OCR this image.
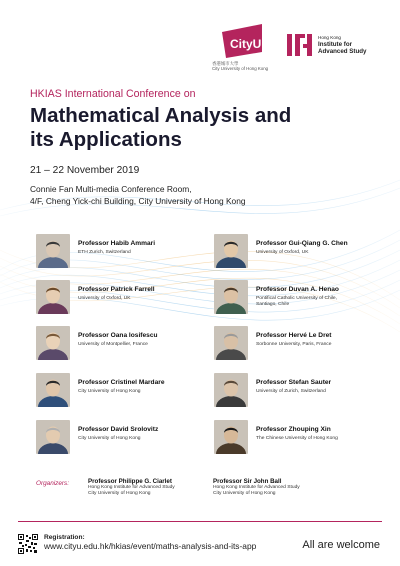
CityU
香港城市大學
City University of Hong Kong
Hong Kong
Institute for
Advanced Study
HKIAS International Conference on
Mathematical Analysis and
its Applications
21 – 22 November 2019
Connie Fan Multi-media Conference Room,
4/F, Cheng Yick-chi Building, City University of Hong Kong
Professor Habib Ammari
ETH Zurich, Switzerland
Professor Gui-Qiang G. Chen
University of Oxford, UK
Professor Patrick Farrell
University of Oxford, UK
Professor Duvan A. Henao
Pontifical Catholic University of Chile,
Santiago, Chile
Professor Oana Iosifescu
University of Montpellier, France
Professor Hervé Le Dret
Sorbonne University, Paris, France
Professor Cristinel Mardare
City University of Hong Kong
Professor Stefan Sauter
University of Zurich, Switzerland
Professor David Srolovitz
City University of Hong Kong
Professor Zhouping Xin
The Chinese University of Hong Kong
Organizers:	Professor Philippe G. Ciarlet
Hong Kong Institute for Advanced Study
City University of Hong Kong
Professor Sir John Ball
Hong Kong Institute for Advanced Study
City University of Hong Kong
Registration:
www.cityu.edu.hk/hkias/event/maths-analysis-and-its-app	All are welcome
